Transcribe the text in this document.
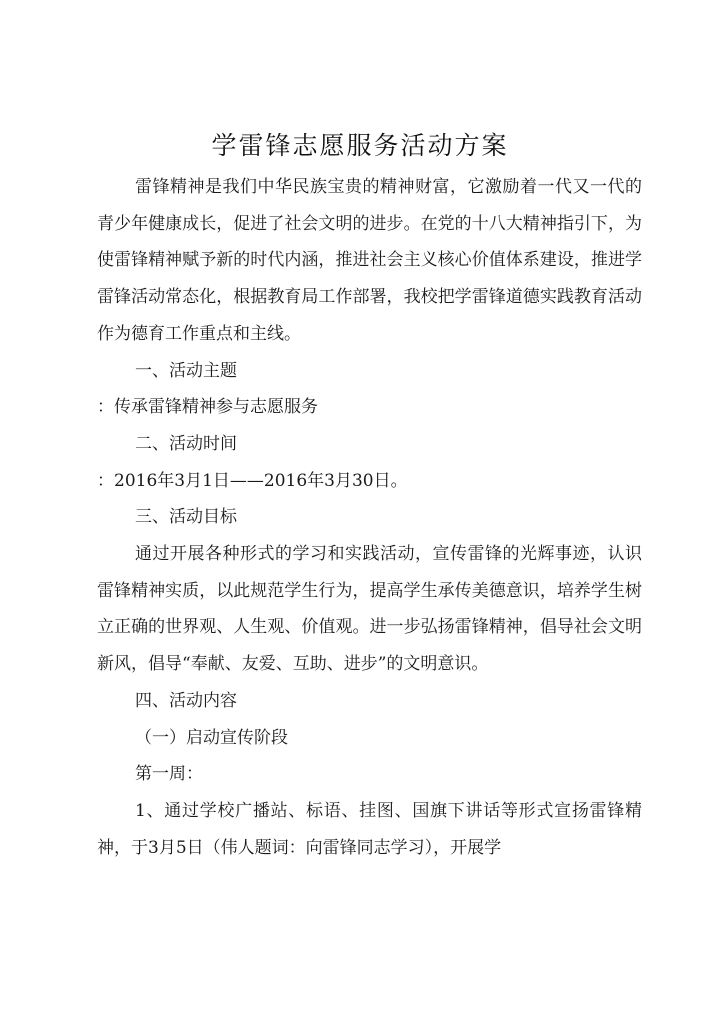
学雷锋志愿服务活动方案

雷锋精神是我们中华民族宝贵的精神财富，它激励着一代又一代的青少年健康成长，促进了社会文明的进步。在党的十八大精神指引下，为使雷锋精神赋予新的时代内涵，推进社会主义核心价值体系建设，推进学雷锋活动常态化，根据教育局工作部署，我校把学雷锋道德实践教育活动作为德育工作重点和主线。

一、活动主题

：传承雷锋精神参与志愿服务

二、活动时间

：2016年3月1日——2016年3月30日。

三、活动目标

通过开展各种形式的学习和实践活动，宣传雷锋的光辉事迹，认识雷锋精神实质，以此规范学生行为，提高学生承传美德意识，培养学生树立正确的世界观、人生观、价值观。进一步弘扬雷锋精神，倡导社会文明新风，倡导“奉献、友爱、互助、进步”的文明意识。

四、活动内容

（一）启动宣传阶段

第一周：

1、通过学校广播站、标语、挂图、国旗下讲话等形式宣扬雷锋精神，于3月5日（伟人题词：向雷锋同志学习），开展学
